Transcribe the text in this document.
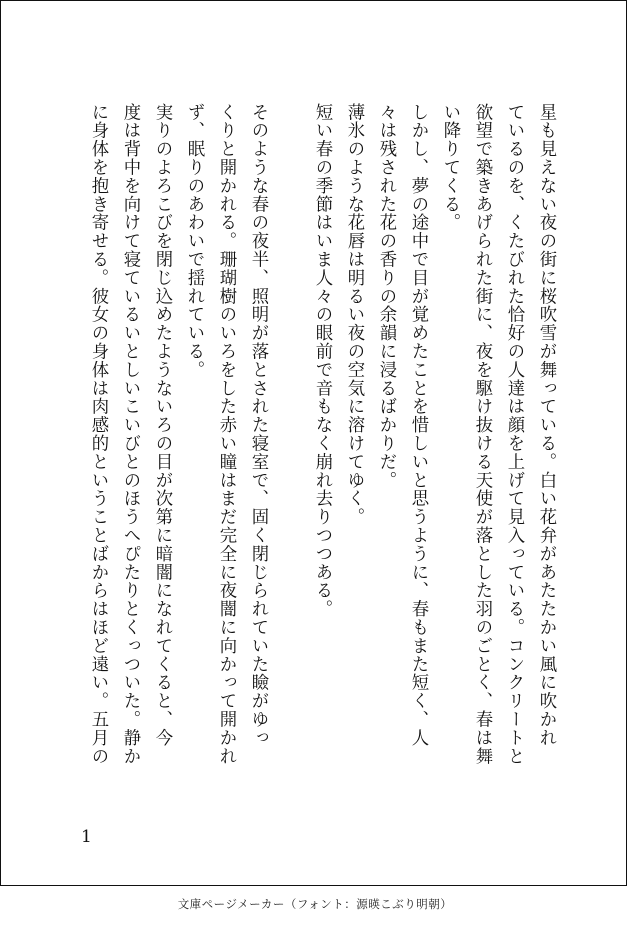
星も見えない夜の街に桜吹雪が舞っている。白い花弁があたたかい風に吹かれ
ているのを、くたびれた恰好の人達は顔を上げて見入っている。コンクリートと
欲望で築きあげられた街に、夜を駆け抜ける天使が落とした羽のごとく、春は舞
い降りてくる。
しかし、夢の途中で目が覚めたことを惜しいと思うように、春もまた短く、人
々は残された花の香りの余韻に浸るばかりだ。
薄氷のような花唇は明るい夜の空気に溶けてゆく。
短い春の季節はいま人々の眼前で音もなく崩れ去りつつある。
そのような春の夜半、照明が落とされた寝室で、固く閉じられていた瞼がゆっ
くりと開かれる。珊瑚樹のいろをした赤い瞳はまだ完全に夜闇に向かって開かれ
ず、眠りのあわいで揺れている。
実りのよろこびを閉じ込めたようないろの目が次第に暗闇になれてくると、今
度は背中を向けて寝ているいとしいこいびとのほうへぴたりとくっついた。静か
に身体を抱き寄せる。彼女の身体は肉感的ということばからはほど遠い。五月の
1
文庫ページメーカー（フォント：源暎こぶり明朝）
